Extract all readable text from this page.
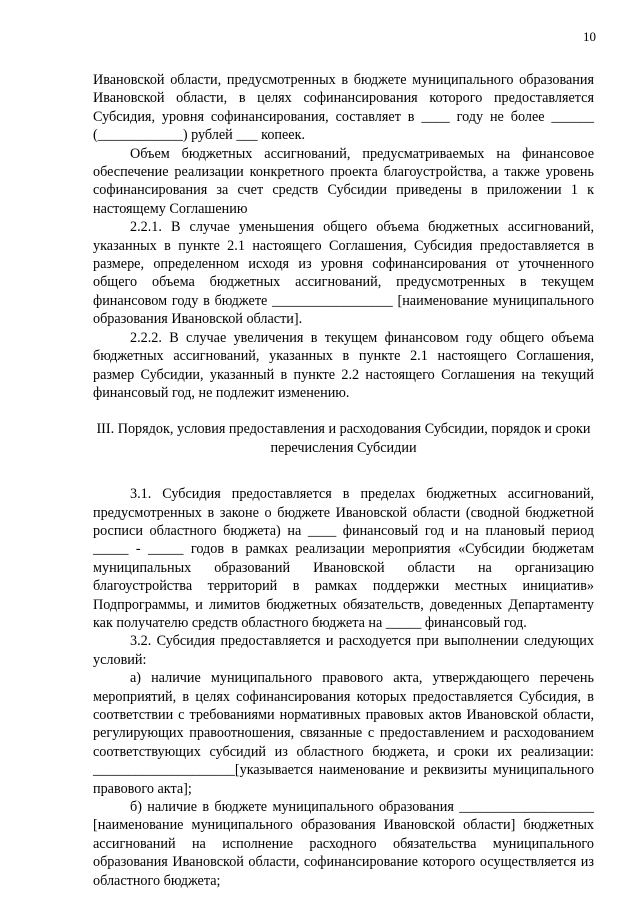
10

Ивановской области, предусмотренных в бюджете муниципального образования Ивановской области, в целях софинансирования которого предоставляется Субсидия, уровня софинансирования, составляет в ____ году не более ______ (____________) рублей ___ копеек.

Объем бюджетных ассигнований, предусматриваемых на финансовое обеспечение реализации конкретного проекта благоустройства, а также уровень софинансирования за счет средств Субсидии приведены в приложении 1 к настоящему Соглашению

2.2.1. В случае уменьшения общего объема бюджетных ассигнований, указанных в пункте 2.1 настоящего Соглашения, Субсидия предоставляется в размере, определенном исходя из уровня софинансирования от уточненного общего объема бюджетных ассигнований, предусмотренных в текущем финансовом году в бюджете _________________ [наименование муниципального образования Ивановской области].

2.2.2. В случае увеличения в текущем финансовом году общего объема бюджетных ассигнований, указанных в пункте 2.1 настоящего Соглашения, размер Субсидии, указанный в пункте 2.2 настоящего Соглашения на текущий финансовый год, не подлежит изменению.

III. Порядок, условия предоставления и расходования Субсидии, порядок и сроки перечисления Субсидии

3.1. Субсидия предоставляется в пределах бюджетных ассигнований, предусмотренных в законе о бюджете Ивановской области (сводной бюджетной росписи областного бюджета) на ____ финансовый год и на плановый период _____ - _____ годов в рамках реализации мероприятия «Субсидии бюджетам муниципальных образований Ивановской области на организацию благоустройства территорий в рамках поддержки местных инициатив» Подпрограммы, и лимитов бюджетных обязательств, доведенных Департаменту как получателю средств областного бюджета на _____ финансовый год.

3.2. Субсидия предоставляется и расходуется при выполнении следующих условий:

а) наличие муниципального правового акта, утверждающего перечень мероприятий, в целях софинансирования которых предоставляется Субсидия, в соответствии с требованиями нормативных правовых актов Ивановской области, регулирующих правоотношения, связанные с предоставлением и расходованием соответствующих субсидий из областного бюджета, и сроки их реализации: ____________________[указывается наименование и реквизиты муниципального правового акта];

б) наличие в бюджете муниципального образования ___________________ [наименование муниципального образования Ивановской области] бюджетных ассигнований на исполнение расходного обязательства муниципального образования Ивановской области, софинансирование которого осуществляется из областного бюджета;
